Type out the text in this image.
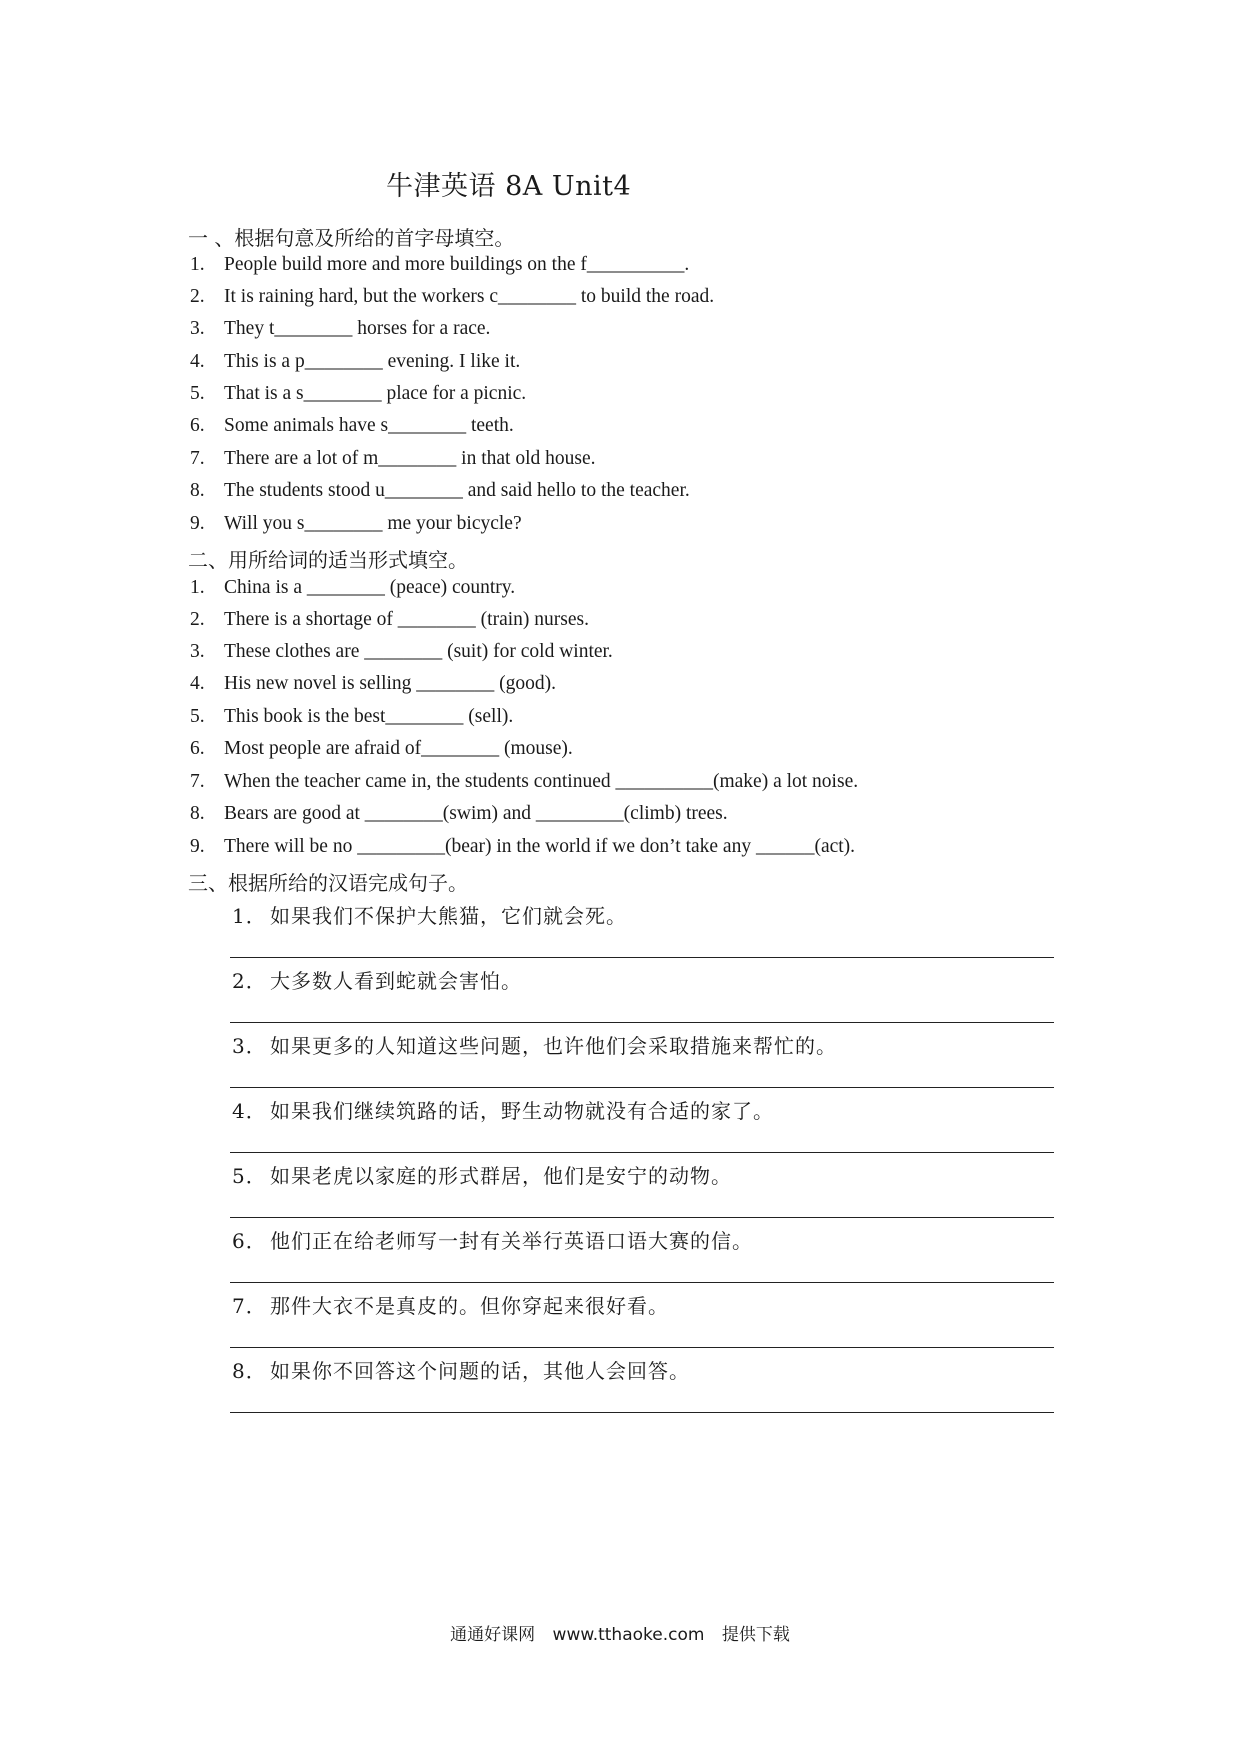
牛津英语 8A Unit4
一 、根据句意及所给的首字母填空。
1. People build more and more buildings on the f__________.
2. It is raining hard, but the workers c________ to build the road.
3. They t________ horses for a race.
4. This is a p________ evening. I like it.
5. That is a s________ place for a picnic.
6. Some animals have s________ teeth.
7. There are a lot of m________ in that old house.
8. The students stood u________ and said hello to the teacher.
9. Will you s________ me your bicycle?
二、用所给词的适当形式填空。
1. China is a ________ (peace) country.
2. There is a shortage of ________ (train) nurses.
3. These clothes are ________ (suit) for cold winter.
4. His new novel is selling ________ (good).
5. This book is the best________ (sell).
6. Most people are afraid of________ (mouse).
7. When the teacher came in, the students continued __________(make) a lot noise.
8. Bears are good at ________(swim) and _________(climb) trees.
9. There will be no _________(bear) in the world if we don’t take any ______(act).
三、根据所给的汉语完成句子。
1． 如果我们不保护大熊猫，它们就会死。
2． 大多数人看到蛇就会害怕。
3． 如果更多的人知道这些问题，也许他们会采取措施来帮忙的。
4． 如果我们继续筑路的话，野生动物就没有合适的家了。
5． 如果老虎以家庭的形式群居，他们是安宁的动物。
6． 他们正在给老师写一封有关举行英语口语大赛的信。
7． 那件大衣不是真皮的。但你穿起来很好看。
8． 如果你不回答这个问题的话，其他人会回答。
通通好课网 www.tthaoke.com 提供下载
